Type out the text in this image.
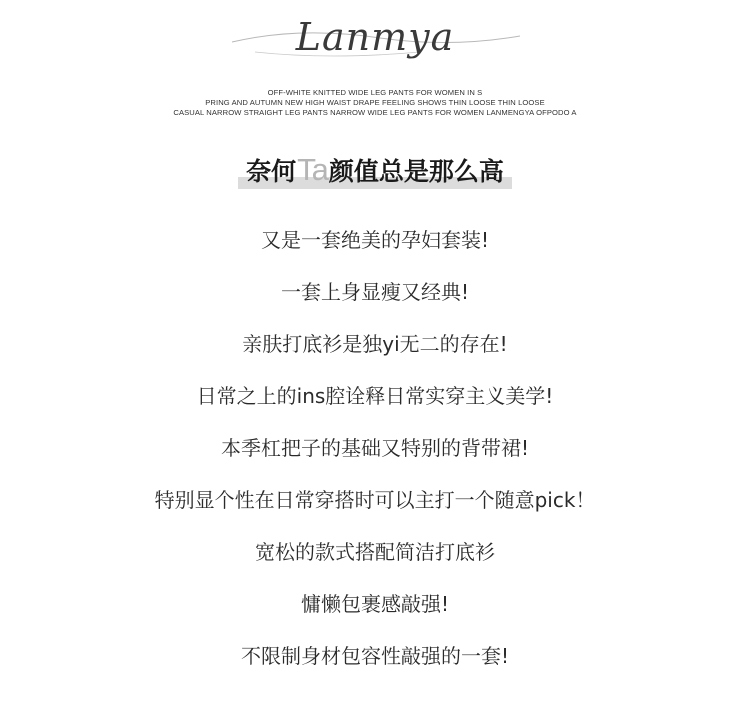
Lanmya
OFF-WHITE KNITTED WIDE LEG PANTS FOR WOMEN IN S
PRING AND AUTUMN NEW HIGH WAIST DRAPE FEELING SHOWS THIN LOOSE THIN LOOSE
CASUAL NARROW STRAIGHT LEG PANTS NARROW WIDE LEG PANTS FOR WOMEN LANMENGYA OFPODO A
奈何Ta颜值总是那么高
又是一套绝美的孕妇套装!
一套上身显瘦又经典!
亲肤打底衫是独yi无二的存在!
日常之上的ins腔诠释日常实穿主义美学!
本季杠把子的基础又特别的背带裙!
特别显个性在日常穿搭时可以主打一个随意pick！
宽松的款式搭配简洁打底衫
慵懒包裹感敲强!
不限制身材包容性敲强的一套!
